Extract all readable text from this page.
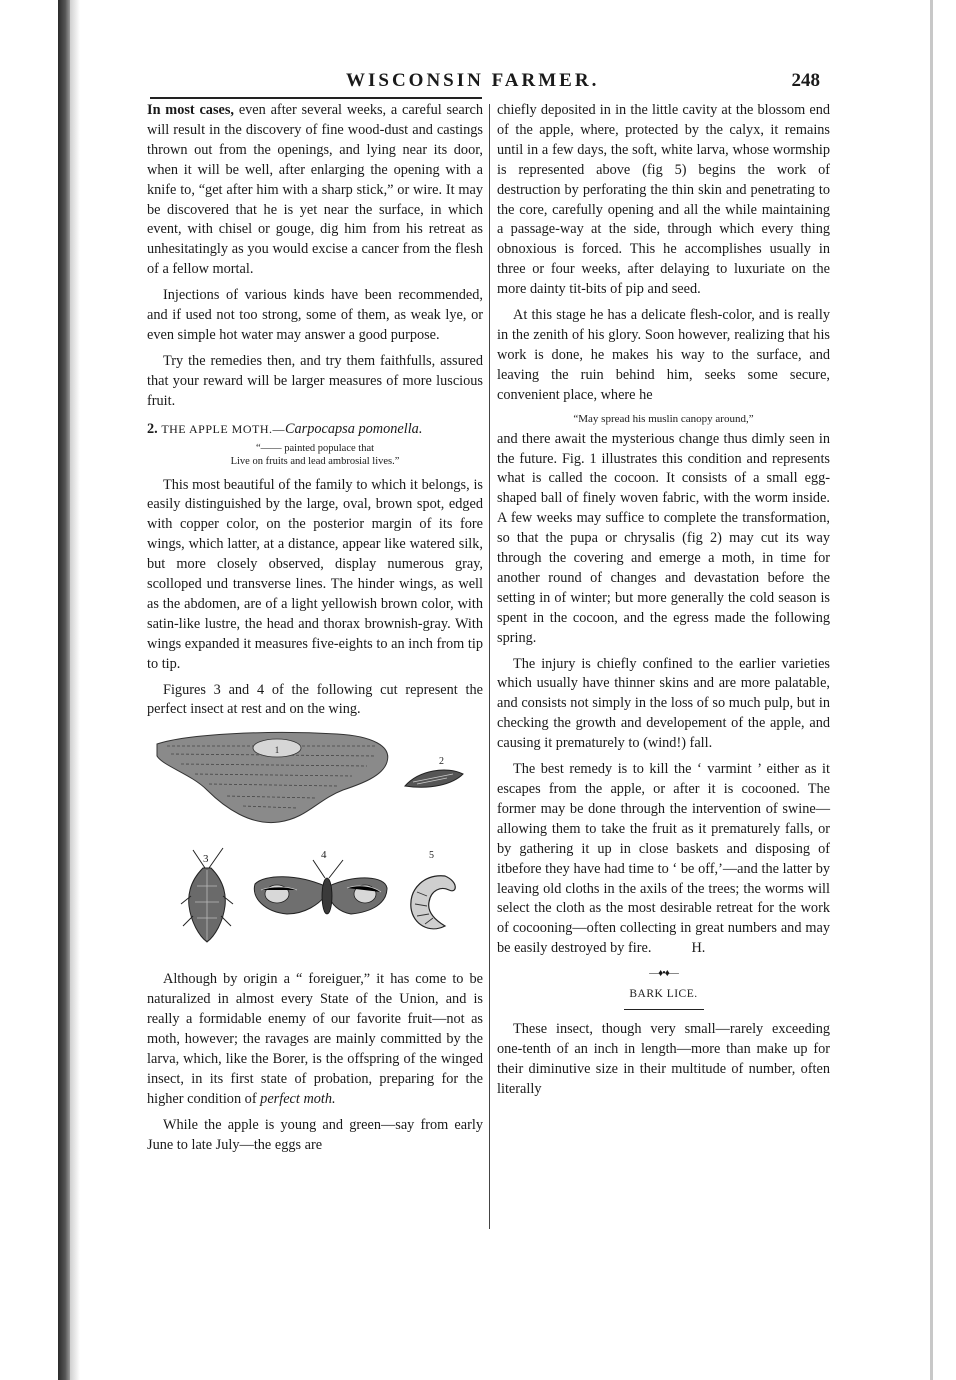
WISCONSIN FARMER.	248

In most cases, even after several weeks, a careful search will result in the discovery of fine wood-dust and castings thrown out from the openings, and lying near its door, when it will be well, after enlarging the opening with a knife to, “get after him with a sharp stick,” or wire. It may be discovered that he is yet near the surface, in which event, with chisel or gouge, dig him from his retreat as unhesitatingly as you would excise a cancer from the flesh of a fellow mortal.

Injections of various kinds have been recommended, and if used not too strong, some of them, as weak lye, or even simple hot water may answer a good purpose.

Try the remedies then, and try them faithfulls, assured that your reward will be larger measures of more luscious fruit.

2. THE APPLE MOTH.—Carpocapsa pomonella.
“—— painted populace that
Live on fruits and lead ambrosial lives.”

This most beautiful of the family to which it belongs, is easily distinguished by the large, oval, brown spot, edged with copper color, on the posterior margin of its fore wings, which latter, at a distance, appear like watered silk, but more closely observed, display numerous gray, scolloped und transverse lines. The hinder wings, as well as the abdomen, are of a light yellowish brown color, with satin-like lustre, the head and thorax brownish-gray. With wings expanded it measures five-eights to an inch from tip to tip.

Figures 3 and 4 of the following cut represent the perfect insect at rest and on the wing.

1
2
3	4	5

Although by origin a “ foreiguer,” it has come to be naturalized in almost every State of the Union, and is really a formidable enemy of our favorite fruit—not as moth, however; the ravages are mainly committed by the larva, which, like the Borer, is the offspring of the winged insect, in its first state of probation, preparing for the higher condition of perfect moth.

While the apple is young and green—say from early June to late July—the eggs are

chiefly deposited in in the little cavity at the blossom end of the apple, where, protected by the calyx, it remains until in a few days, the soft, white larva, whose wormship is represented above (fig 5) begins the work of destruction by perforating the thin skin and penetrating to the core, carefully opening and all the while maintaining a passage-way at the side, through which every thing obnoxious is forced. This he accomplishes usually in three or four weeks, after delaying to luxuriate on the more dainty tit-bits of pip and seed.

At this stage he has a delicate flesh-color, and is really in the zenith of his glory. Soon however, realizing that his work is done, he makes his way to the surface, and leaving the ruin behind him, seeks some secure, convenient place, where he

“May spread his muslin canopy around,”

and there await the mysterious change thus dimly seen in the future. Fig. 1 illustrates this condition and represents what is called the cocoon. It consists of a small egg-shaped ball of finely woven fabric, with the worm inside. A few weeks may suffice to complete the transformation, so that the pupa or chrysalis (fig 2) may cut its way through the covering and emerge a moth, in time for another round of changes and devastation before the setting in of winter; but more generally the cold season is spent in the cocoon, and the egress made the following spring.

The injury is chiefly confined to the earlier varieties which usually have thinner skins and are more palatable, and consists not simply in the loss of so much pulp, but in checking the growth and developement of the apple, and causing it prematurely to (wind!) fall.

The best remedy is to kill the ‘ varmint ’ either as it escapes from the apple, or after it is cocooned. The former may be done through the intervention of swine—allowing them to take the fruit as it prematurely falls, or by gathering it up in close baskets and disposing of itbefore they have had time to ‘ be off,’—and the latter by leaving old cloths in the axils of the trees; the worms will select the cloth as the most desirable retreat for the work of cocooning—often collecting in great numbers and may be easily destroyed by fire.	H.

—♦•♦—
BARK LICE.

These insect, though very small—rarely exceeding one-tenth of an inch in length—more than make up for their diminutive size in their multitude of number, often literally
